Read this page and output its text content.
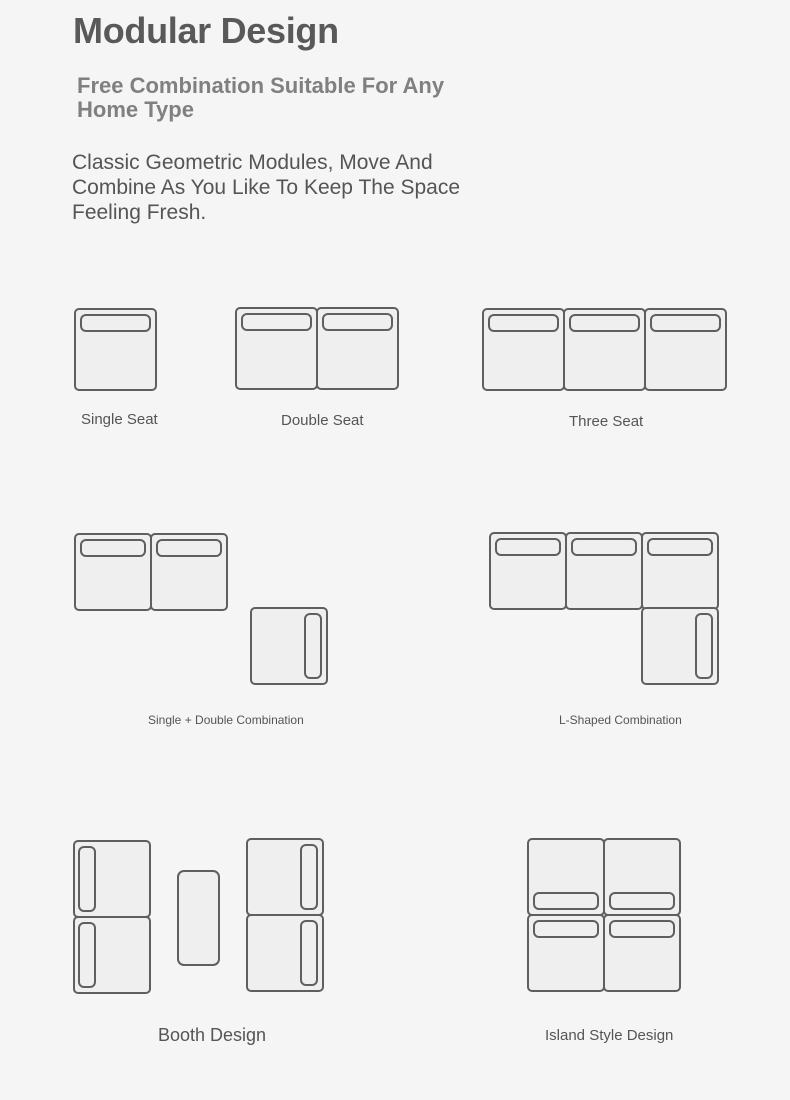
Modular Design
Free Combination Suitable For Any Home Type

Classic Geometric Modules, Move And Combine As You Like To Keep The Space Feeling Fresh.

Single Seat	Double Seat	Three Seat
Single + Double Combination	L-Shaped Combination
Booth Design	Island Style Design
